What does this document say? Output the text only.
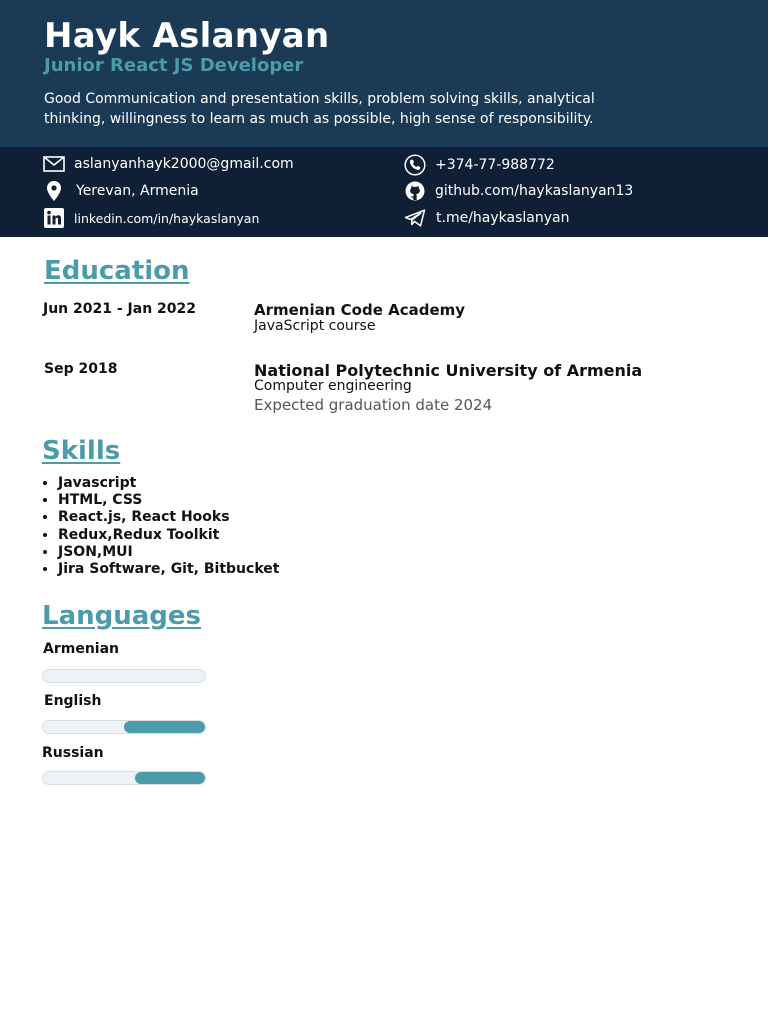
Hayk Aslanyan
Junior React JS Developer
Good Communication and presentation skills, problem solving skills, analytical thinking, willingness to learn as much as possible, high sense of responsibility.
aslanyanhayk2000@gmail.com
Yerevan, Armenia
linkedin.com/in/haykaslanyan
+374-77-988772
github.com/haykaslanyan13
t.me/haykaslanyan
Education
Jun 2021 - Jan 2022	Armenian Code Academy
JavaScript course
Sep 2018	National Polytechnic University of Armenia
Computer engineering
Expected graduation date 2024
Skills
• Javascript
• HTML, CSS
• React.js, React Hooks
• Redux,Redux Toolkit
• JSON,MUI
• Jira Software, Git, Bitbucket
Languages
Armenian
English
Russian
